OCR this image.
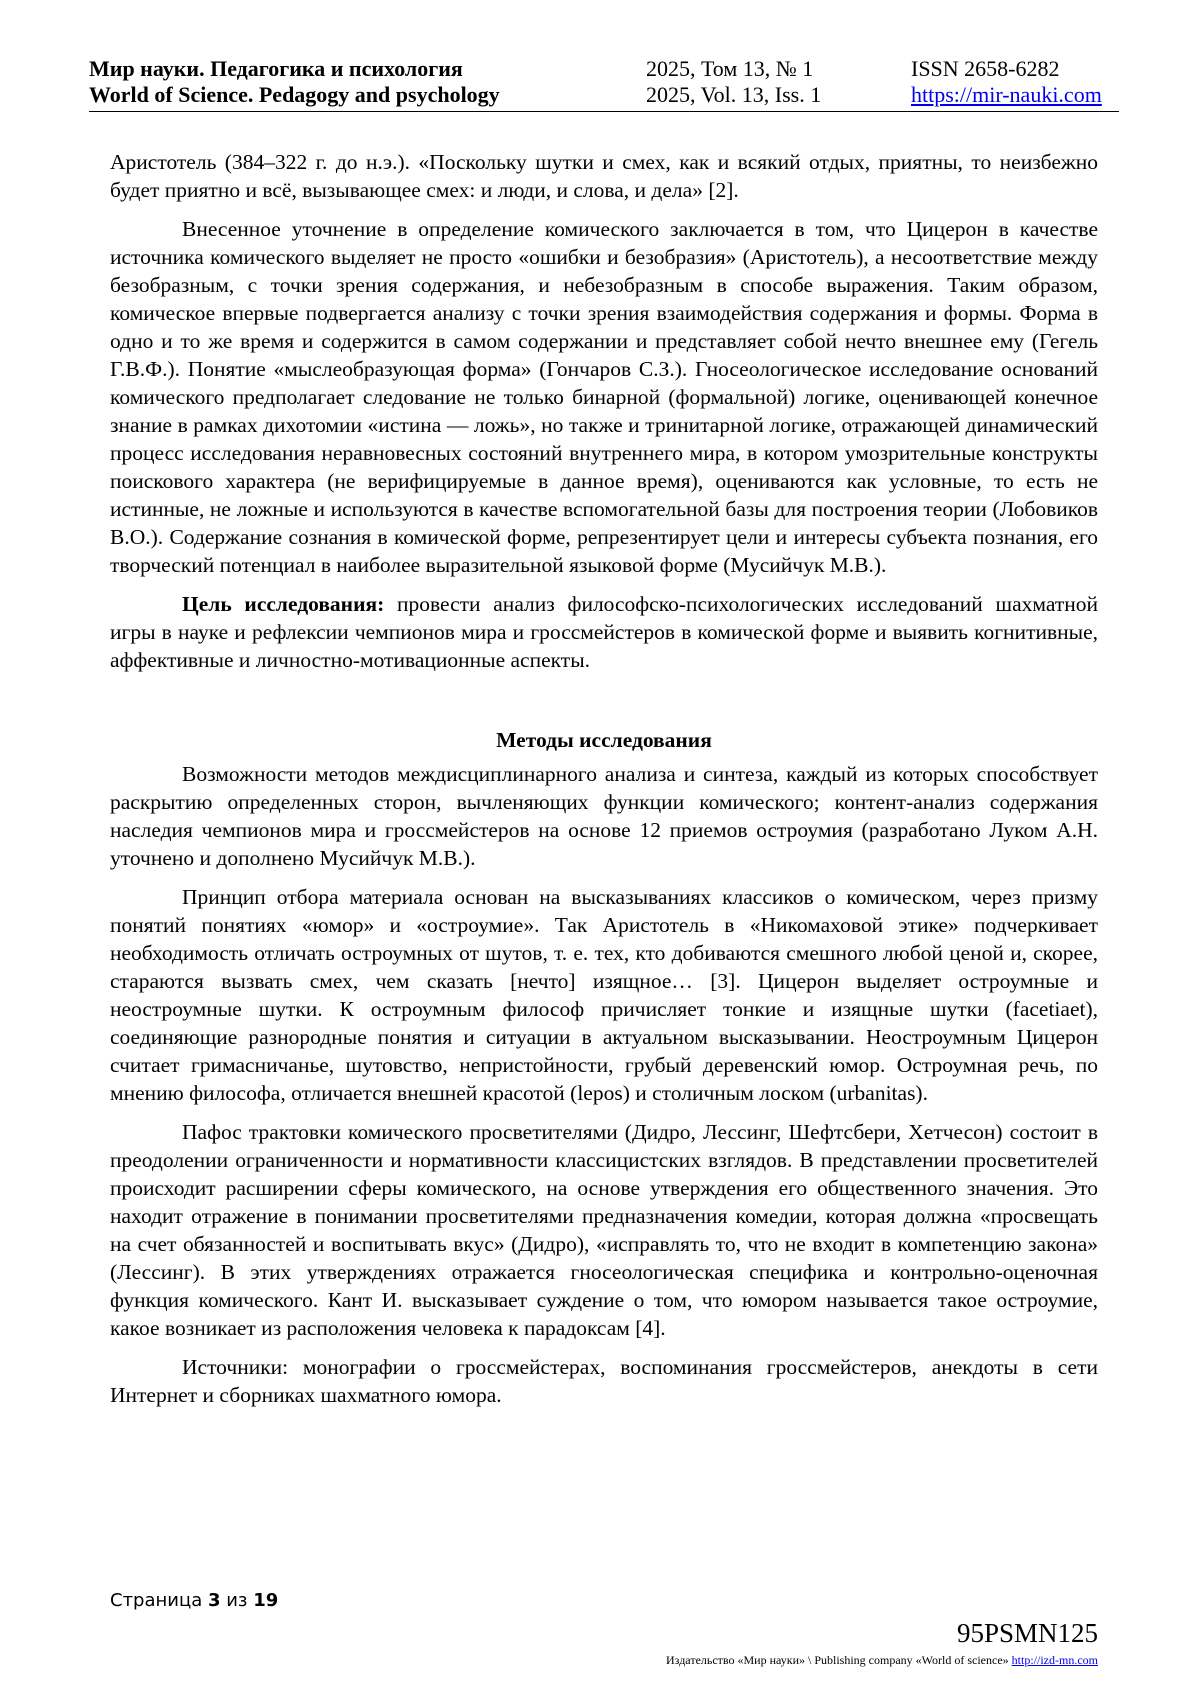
Мир науки. Педагогика и психология
World of Science. Pedagogy and psychology
2025, Том 13, № 1
2025, Vol. 13, Iss. 1
ISSN 2658-6282
https://mir-nauki.com

Аристотель (384–322 г. до н.э.). «Поскольку шутки и смех, как и всякий отдых, приятны, то неизбежно будет приятно и всё, вызывающее смех: и люди, и слова, и дела» [2].

Внесенное уточнение в определение комического заключается в том, что Цицерон в качестве источника комического выделяет не просто «ошибки и безобразия» (Аристотель), а несоответствие между безобразным, с точки зрения содержания, и небезобразным в способе выражения. Таким образом, комическое впервые подвергается анализу с точки зрения взаимодействия содержания и формы. Форма в одно и то же время и содержится в самом содержании и представляет собой нечто внешнее ему (Гегель Г.В.Ф.). Понятие «мыслеобразующая форма» (Гончаров С.З.). Гносеологическое исследование оснований комического предполагает следование не только бинарной (формальной) логике, оценивающей конечное знание в рамках дихотомии «истина — ложь», но также и тринитарной логике, отражающей динамический процесс исследования неравновесных состояний внутреннего мира, в котором умозрительные конструкты поискового характера (не верифицируемые в данное время), оцениваются как условные, то есть не истинные, не ложные и используются в качестве вспомогательной базы для построения теории (Лобовиков В.О.). Содержание сознания в комической форме, репрезентирует цели и интересы субъекта познания, его творческий потенциал в наиболее выразительной языковой форме (Мусийчук М.В.).

Цель исследования: провести анализ философско-психологических исследований шахматной игры в науке и рефлексии чемпионов мира и гроссмейстеров в комической форме и выявить когнитивные, аффективные и личностно-мотивационные аспекты.

Методы исследования

Возможности методов междисциплинарного анализа и синтеза, каждый из которых способствует раскрытию определенных сторон, вычленяющих функции комического; контент-анализ содержания наследия чемпионов мира и гроссмейстеров на основе 12 приемов остроумия (разработано Луком А.Н. уточнено и дополнено Мусийчук М.В.).

Принцип отбора материала основан на высказываниях классиков о комическом, через призму понятий понятиях «юмор» и «остроумие». Так Аристотель в «Никомаховой этике» подчеркивает необходимость отличать остроумных от шутов, т. е. тех, кто добиваются смешного любой ценой и, скорее, стараются вызвать смех, чем сказать [нечто] изящное… [3]. Цицерон выделяет остроумные и неостроумные шутки. К остроумным философ причисляет тонкие и изящные шутки (facetiaet), соединяющие разнородные понятия и ситуации в актуальном высказывании. Неостроумным Цицерон считает гримасничанье, шутовство, непристойности, грубый деревенский юмор. Остроумная речь, по мнению философа, отличается внешней красотой (lepos) и столичным лоском (urbanitas).

Пафос трактовки комического просветителями (Дидро, Лессинг, Шефтсбери, Хетчесон) состоит в преодолении ограниченности и нормативности классицистских взглядов. В представлении просветителей происходит расширении сферы комического, на основе утверждения его общественного значения. Это находит отражение в понимании просветителями предназначения комедии, которая должна «просвещать на счет обязанностей и воспитывать вкус» (Дидро), «исправлять то, что не входит в компетенцию закона» (Лессинг). В этих утверждениях отражается гносеологическая специфика и контрольно-оценочная функция комического. Кант И. высказывает суждение о том, что юмором называется такое остроумие, какое возникает из расположения человека к парадоксам [4].

Источники: монографии о гроссмейстерах, воспоминания гроссмейстеров, анекдоты в сети Интернет и сборниках шахматного юмора.

Страница 3 из 19
95PSMN125
Издательство «Мир науки» \ Publishing company «World of science» http://izd-mn.com
